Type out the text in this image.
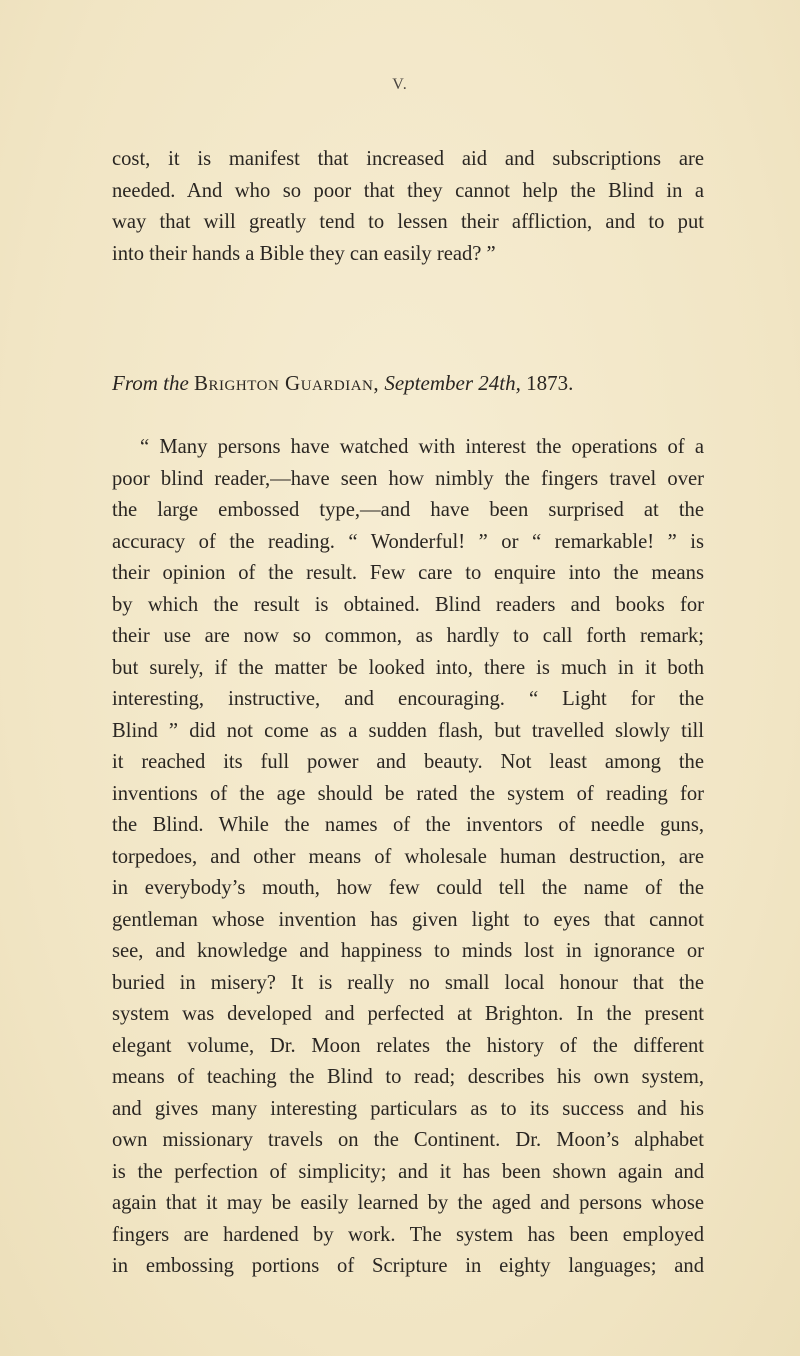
V.
cost, it is manifest that increased aid and subscriptions are
needed. And who so poor that they cannot help the Blind in a
way that will greatly tend to lessen their affliction, and to put
into their hands a Bible they can easily read? ”
From the Brighton Guardian, September 24th, 1873.
“ Many persons have watched with interest the operations of a
poor blind reader,—have seen how nimbly the fingers travel over
the large embossed type,—and have been surprised at the
accuracy of the reading. “ Wonderful! ” or “ remarkable! ” is
their opinion of the result. Few care to enquire into the means
by which the result is obtained. Blind readers and books for
their use are now so common, as hardly to call forth remark;
but surely, if the matter be looked into, there is much in it both
interesting, instructive, and encouraging. “ Light for the
Blind ” did not come as a sudden flash, but travelled slowly till
it reached its full power and beauty. Not least among the
inventions of the age should be rated the system of reading for
the Blind. While the names of the inventors of needle guns,
torpedoes, and other means of wholesale human destruction, are
in everybody’s mouth, how few could tell the name of the
gentleman whose invention has given light to eyes that cannot
see, and knowledge and happiness to minds lost in ignorance or
buried in misery? It is really no small local honour that the
system was developed and perfected at Brighton. In the present
elegant volume, Dr. Moon relates the history of the different
means of teaching the Blind to read; describes his own system,
and gives many interesting particulars as to its success and his
own missionary travels on the Continent. Dr. Moon’s alphabet
is the perfection of simplicity; and it has been shown again and
again that it may be easily learned by the aged and persons whose
fingers are hardened by work. The system has been employed
in embossing portions of Scripture in eighty languages; and
